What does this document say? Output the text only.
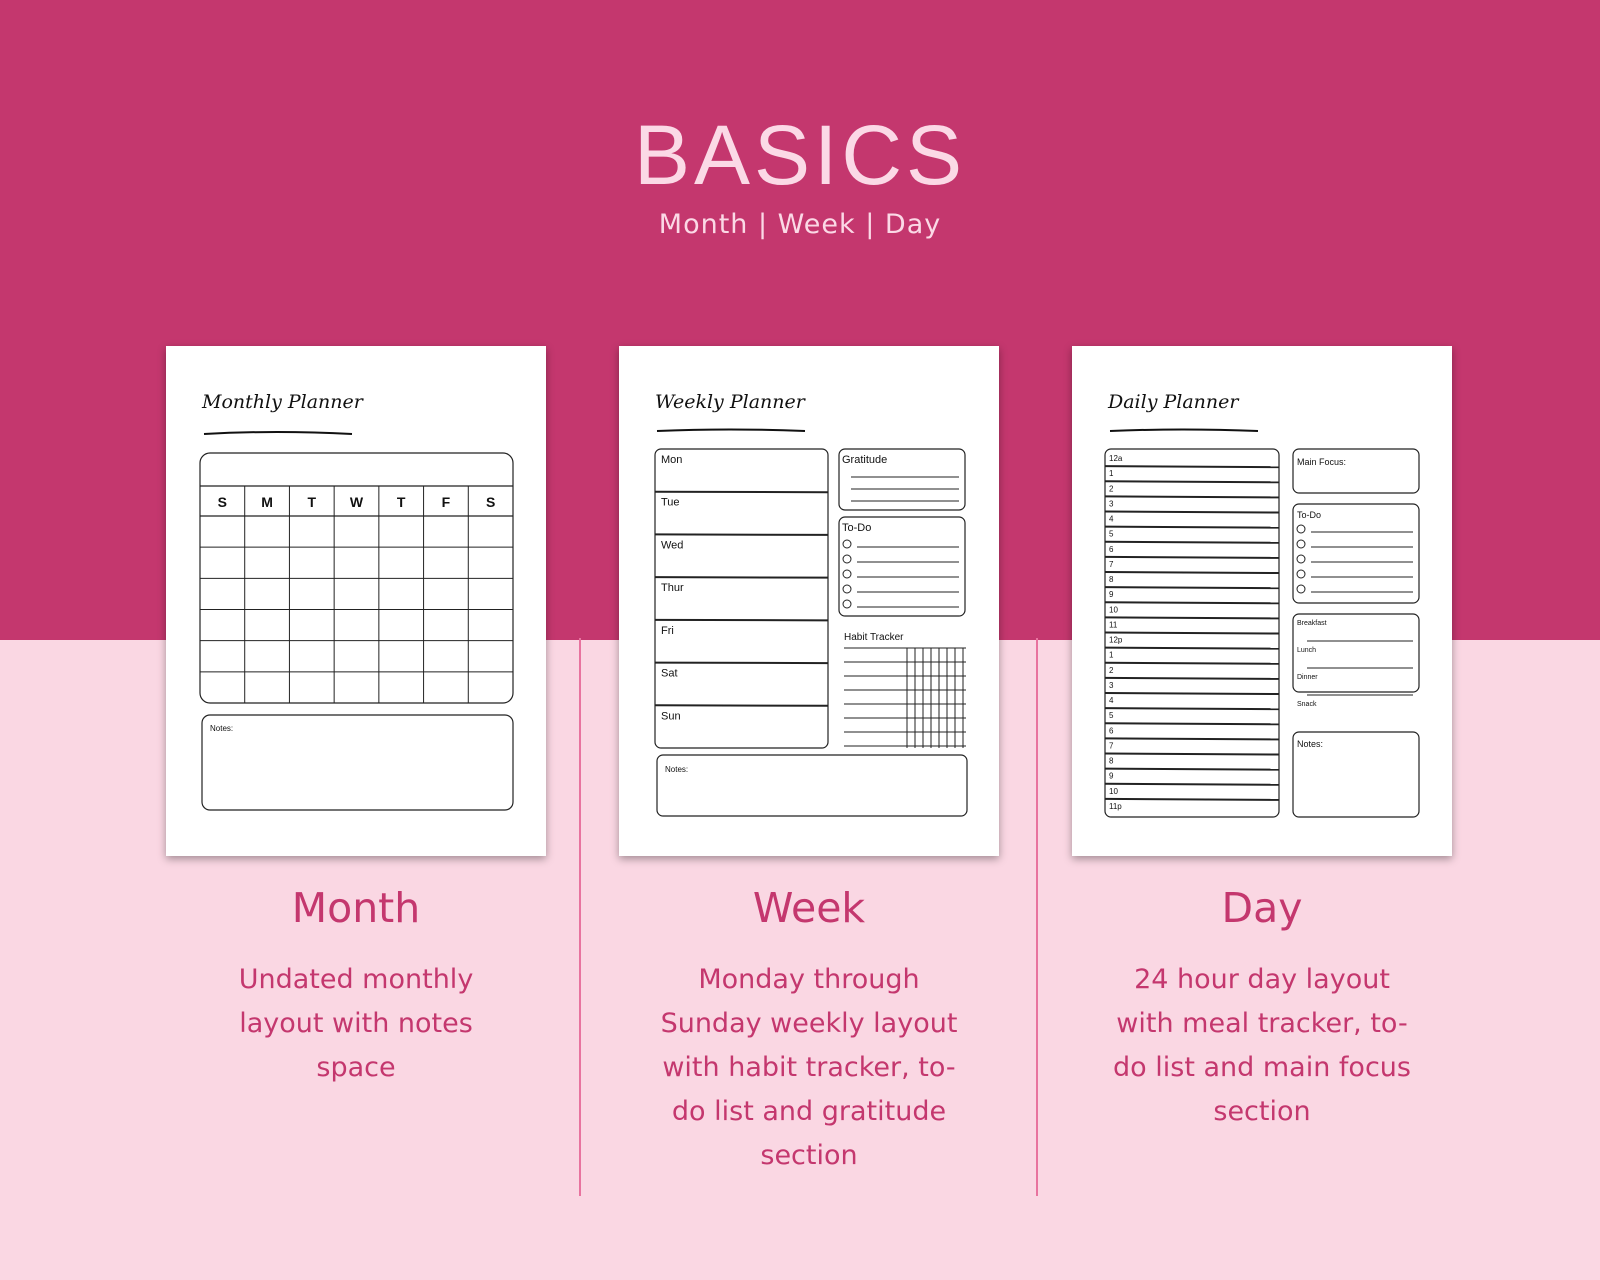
BASICS
Month | Week | Day
Monthly Planner
S M T W T	F	S
Notes:
Weekly Planner
Mon
Tue
Wed
Thur
Fri
Sat
Sun
Gratitude
To-Do
Habit Tracker
Notes:
Daily Planner
12a
1
2
3
4
5
6
7
8
9
10
11
12p
1
2
3
4
5
6
7
8
9
10
11p
Main Focus:
To-Do
Breakfast
Lunch
Dinner
Snack
Notes:
Month
Undated monthly layout with notes space
Week
Monday through Sunday weekly layout with habit tracker, to-do list and gratitude section
Day
24 hour day layout with meal tracker, to-do list and main focus section
